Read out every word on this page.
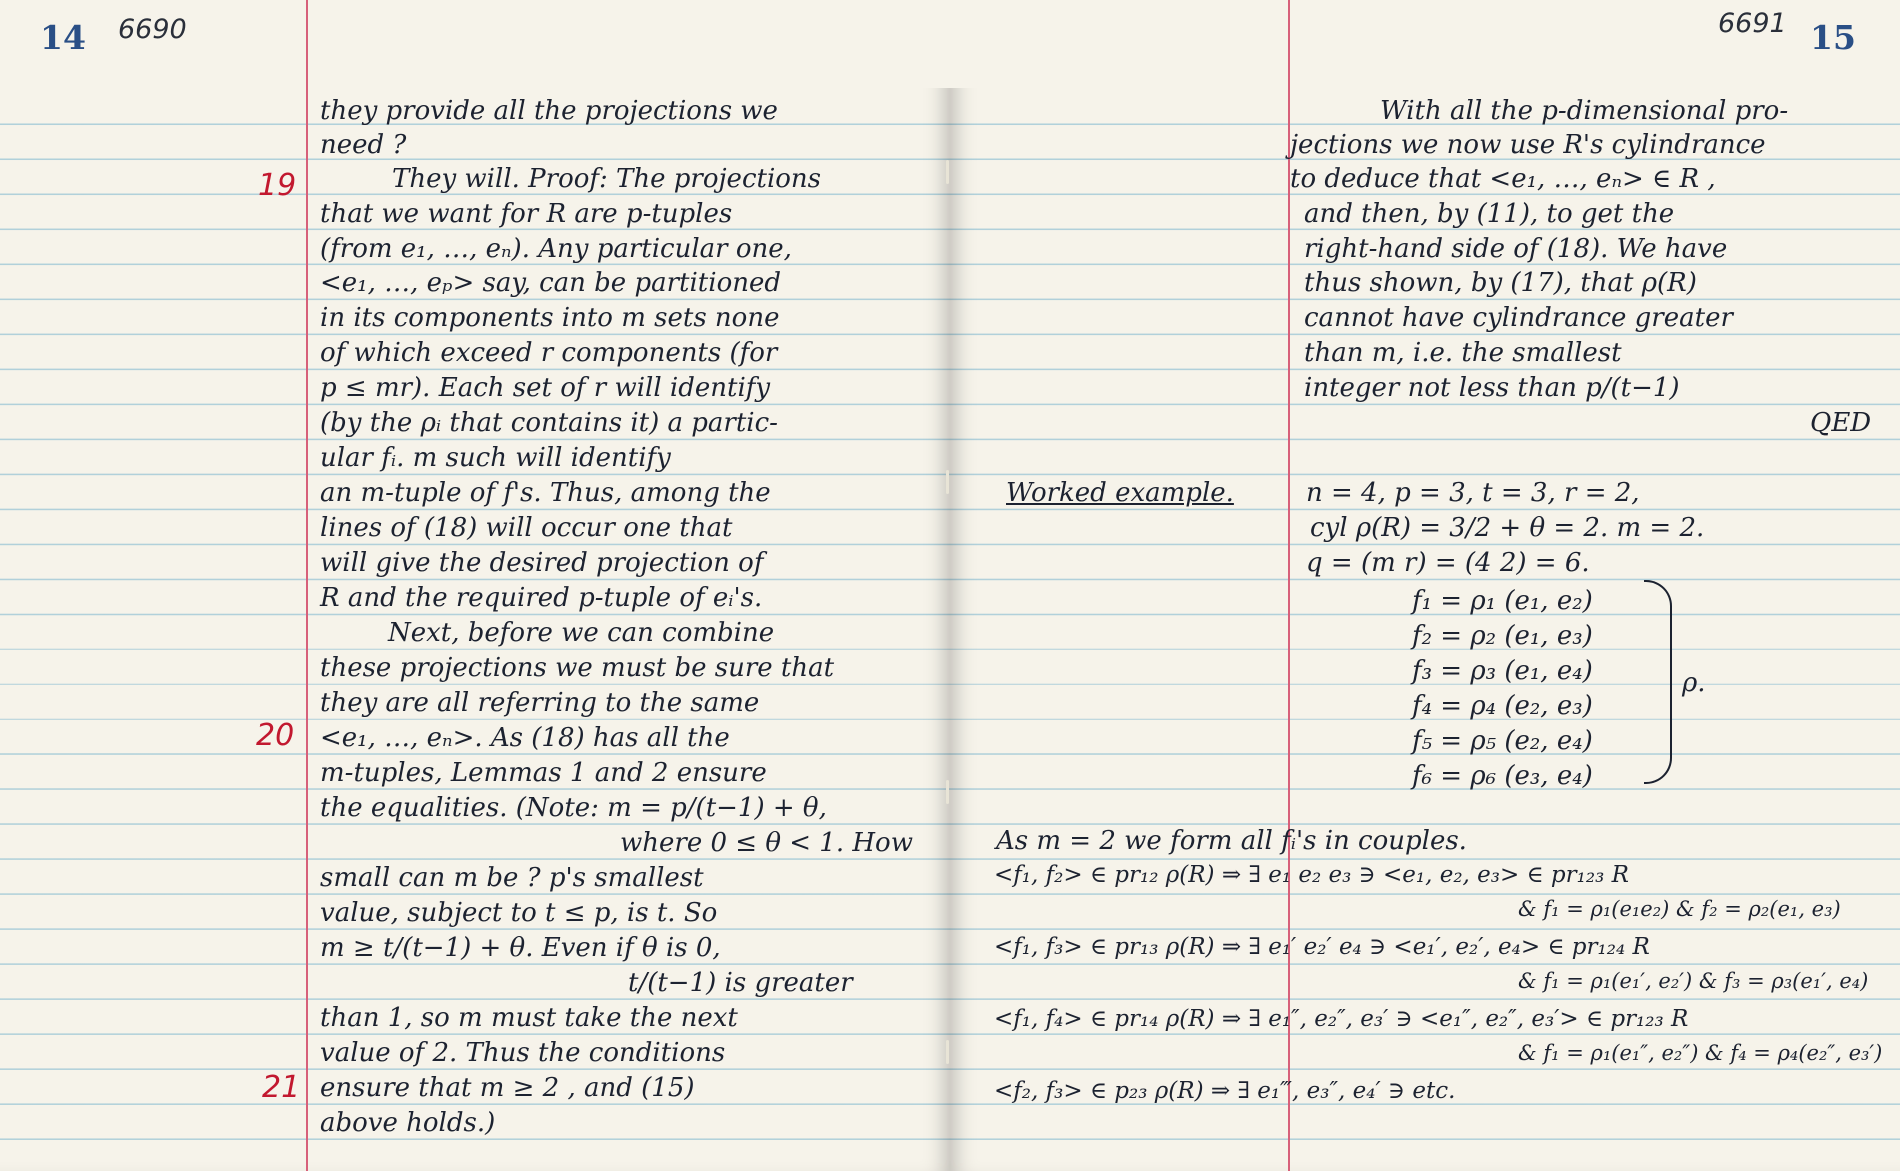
14 6690
19
20
21
they provide all the projections we
need ?
They will. Proof: The projections
that we want for R are p-tuples
(from e₁, …, eₙ). Any particular one,
<e₁, …, eₚ> say, can be partitioned
in its components into m sets none
of which exceed r components (for
p ≤ mr). Each set of r will identify
(by the ρᵢ that contains it) a partic-
ular fᵢ. m such will identify
an m-tuple of f's. Thus, among the
lines of (18) will occur one that
will give the desired projection of
R and the required p-tuple of eᵢ's.
Next, before we can combine
these projections we must be sure that
they are all referring to the same
<e₁, …, eₙ>. As (18) has all the
m-tuples, Lemmas 1 and 2 ensure
the equalities. (Note: m = p/(t−1) + θ,
where 0 ≤ θ < 1. How
small can m be ? p's smallest
value, subject to t ≤ p, is t. So
m ≥ t/(t−1) + θ. Even if θ is 0,
t/(t−1) is greater
than 1, so m must take the next
value of 2. Thus the conditions
ensure that m ≥ 2 , and (15)
above holds.)
6691 15
With all the p-dimensional pro-
jections we now use R's cylindrance
to deduce that <e₁, …, eₙ> ∈ R ,
and then, by (11), to get the
right-hand side of (18). We have
thus shown, by (17), that ρ(R)
cannot have cylindrance greater
than m, i.e. the smallest
integer not less than p/(t−1)
QED
Worked example.	n = 4, p = 3, t = 3, r = 2,
cyl ρ(R) = 3/2 + θ = 2. m = 2.
q = (m r) = (4 2) = 6.
f₁ = ρ₁ (e₁, e₂)
f₂ = ρ₂ (e₁, e₃)
f₃ = ρ₃ (e₁, e₄)
f₄ = ρ₄ (e₂, e₃)
f₅ = ρ₅ (e₂, e₄)
f₆ = ρ₆ (e₃, e₄)
ρ.
As m = 2 we form all fᵢ's in couples.
<f₁, f₂> ∈ pr₁₂ ρ(R) ⇒ ∃ e₁ e₂ e₃ ∋ <e₁, e₂, e₃> ∈ pr₁₂₃ R
& f₁ = ρ₁(e₁e₂) & f₂ = ρ₂(e₁, e₃)
<f₁, f₃> ∈ pr₁₃ ρ(R) ⇒ ∃ e₁′ e₂′ e₄ ∋ <e₁′, e₂′, e₄> ∈ pr₁₂₄ R
& f₁ = ρ₁(e₁′, e₂′) & f₃ = ρ₃(e₁′, e₄)
<f₁, f₄> ∈ pr₁₄ ρ(R) ⇒ ∃ e₁″, e₂″, e₃′ ∋ <e₁″, e₂″, e₃′> ∈ pr₁₂₃ R
& f₁ = ρ₁(e₁″, e₂″) & f₄ = ρ₄(e₂″, e₃′)
<f₂, f₃> ∈ p₂₃ ρ(R) ⇒ ∃ e₁‴, e₃″, e₄′ ∋ etc.
